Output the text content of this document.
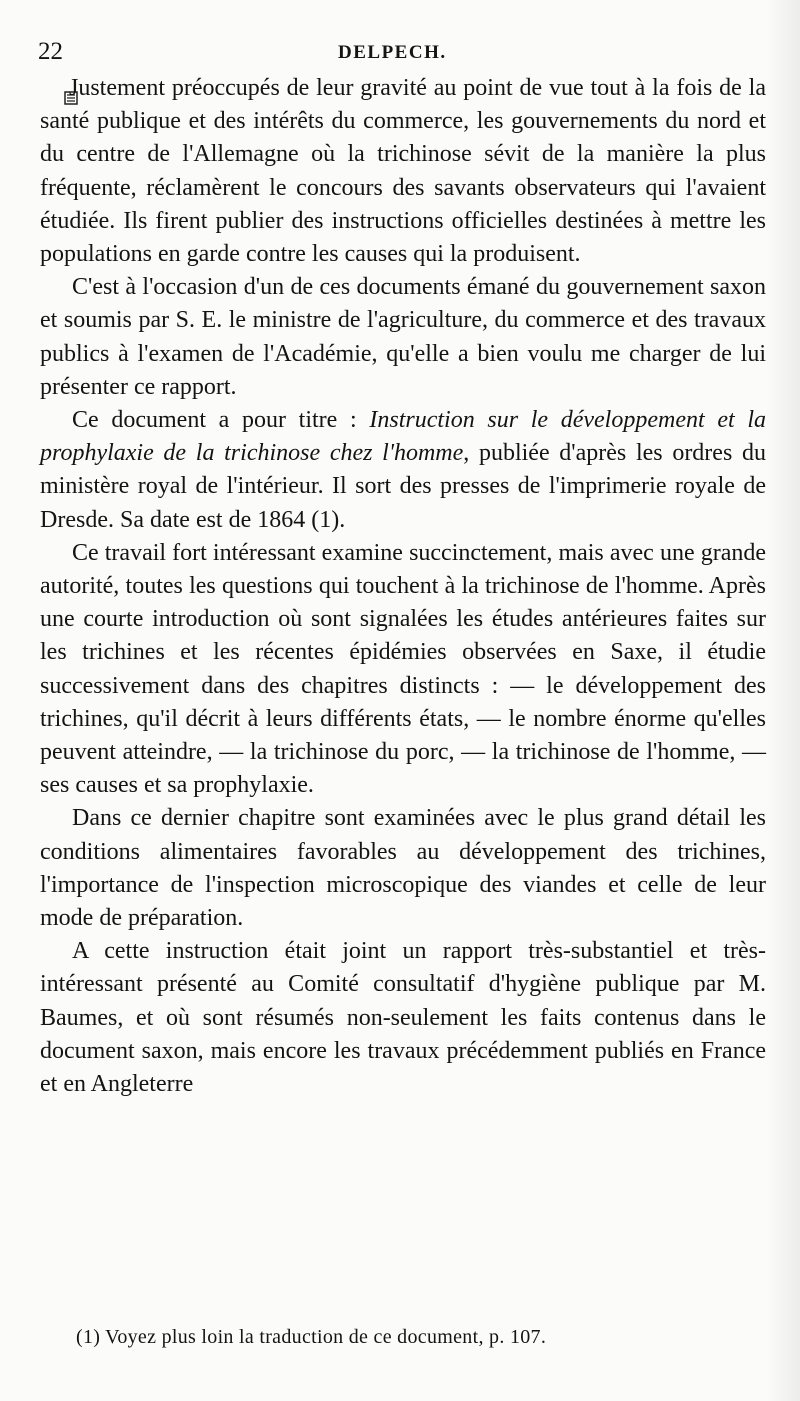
22	DELPECH.

Justement préoccupés de leur gravité au point de vue tout à la fois de la santé publique et des intérêts du commerce, les gouvernements du nord et du centre de l'Allemagne où la trichinose sévit de la manière la plus fréquente, réclamèrent le concours des savants observateurs qui l'avaient étudiée. Ils firent publier des instructions officielles destinées à mettre les populations en garde contre les causes qui la produisent.

C'est à l'occasion d'un de ces documents émané du gouvernement saxon et soumis par S. E. le ministre de l'agriculture, du commerce et des travaux publics à l'examen de l'Académie, qu'elle a bien voulu me charger de lui présenter ce rapport.

Ce document a pour titre : Instruction sur le développement et la prophylaxie de la trichinose chez l'homme, publiée d'après les ordres du ministère royal de l'intérieur. Il sort des presses de l'imprimerie royale de Dresde. Sa date est de 1864 (1).

Ce travail fort intéressant examine succinctement, mais avec une grande autorité, toutes les questions qui touchent à la trichinose de l'homme. Après une courte introduction où sont signalées les études antérieures faites sur les trichines et les récentes épidémies observées en Saxe, il étudie successivement dans des chapitres distincts : — le développement des trichines, qu'il décrit à leurs différents états, — le nombre énorme qu'elles peuvent atteindre, — la trichinose du porc, — la trichinose de l'homme, — ses causes et sa prophylaxie.

Dans ce dernier chapitre sont examinées avec le plus grand détail les conditions alimentaires favorables au développement des trichines, l'importance de l'inspection microscopique des viandes et celle de leur mode de préparation.

A cette instruction était joint un rapport très-substantiel et très-intéressant présenté au Comité consultatif d'hygiène publique par M. Baumes, et où sont résumés non-seulement les faits contenus dans le document saxon, mais encore les travaux précédemment publiés en France et en Angleterre

(1) Voyez plus loin la traduction de ce document, p. 107.
